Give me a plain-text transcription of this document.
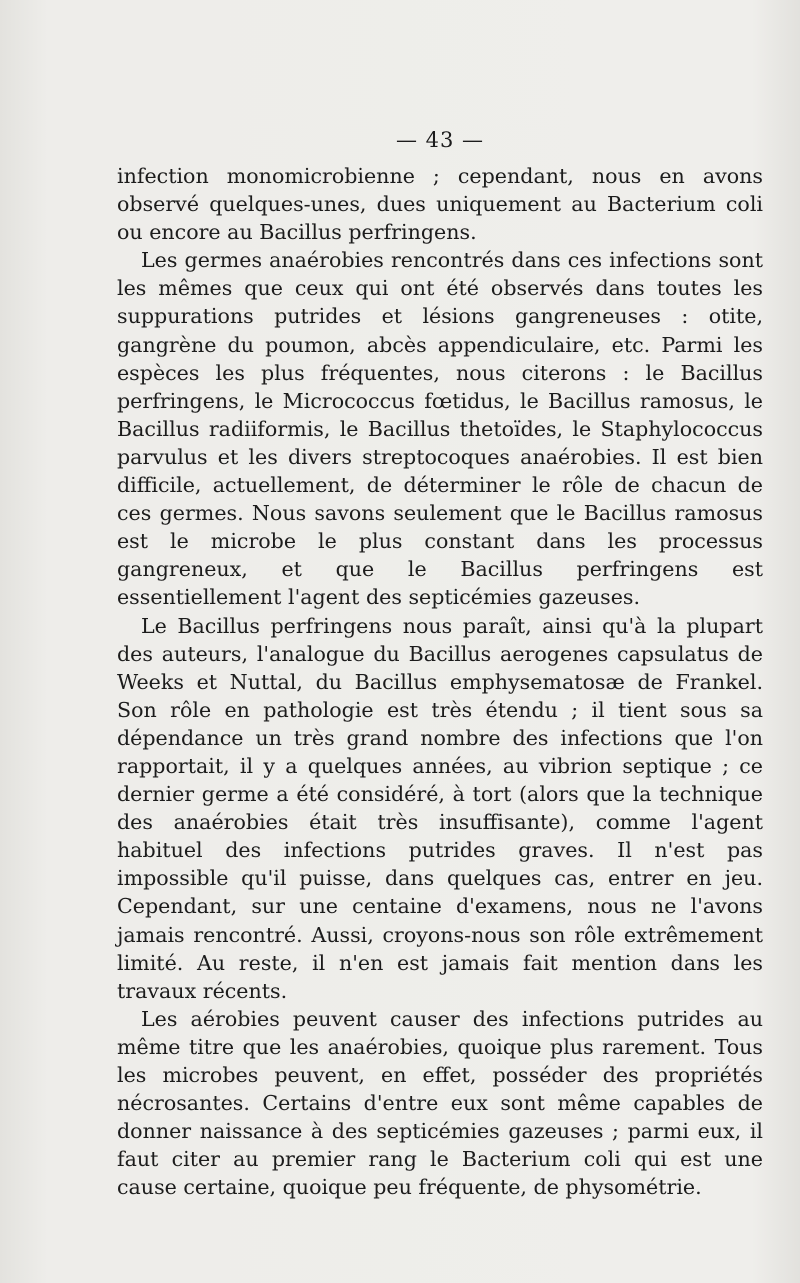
— 43 —

infection monomicrobienne ; cependant, nous en avons observé quelques-unes, dues uniquement au Bacterium coli ou encore au Bacillus perfringens.

Les germes anaérobies rencontrés dans ces infections sont les mêmes que ceux qui ont été observés dans toutes les suppurations putrides et lésions gangreneuses : otite, gangrène du poumon, abcès appendiculaire, etc. Parmi les espèces les plus fréquentes, nous citerons : le Bacillus perfringens, le Micrococcus fœtidus, le Bacillus ramosus, le Bacillus radiiformis, le Bacillus thetoïdes, le Staphylococcus parvulus et les divers streptocoques anaérobies. Il est bien difficile, actuellement, de déterminer le rôle de chacun de ces germes. Nous savons seulement que le Bacillus ramosus est le microbe le plus constant dans les processus gangreneux, et que le Bacillus perfringens est essentiellement l'agent des septicémies gazeuses.

Le Bacillus perfringens nous paraît, ainsi qu'à la plupart des auteurs, l'analogue du Bacillus aerogenes capsulatus de Weeks et Nuttal, du Bacillus emphysematosæ de Frankel. Son rôle en pathologie est très étendu ; il tient sous sa dépendance un très grand nombre des infections que l'on rapportait, il y a quelques années, au vibrion septique ; ce dernier germe a été considéré, à tort (alors que la technique des anaérobies était très insuffisante), comme l'agent habituel des infections putrides graves. Il n'est pas impossible qu'il puisse, dans quelques cas, entrer en jeu. Cependant, sur une centaine d'examens, nous ne l'avons jamais rencontré. Aussi, croyons-nous son rôle extrêmement limité. Au reste, il n'en est jamais fait mention dans les travaux récents.

Les aérobies peuvent causer des infections putrides au même titre que les anaérobies, quoique plus rarement. Tous les microbes peuvent, en effet, posséder des propriétés nécrosantes. Certains d'entre eux sont même capables de donner naissance à des septicémies gazeuses ; parmi eux, il faut citer au premier rang le Bacterium coli qui est une cause certaine, quoique peu fréquente, de physométrie.
